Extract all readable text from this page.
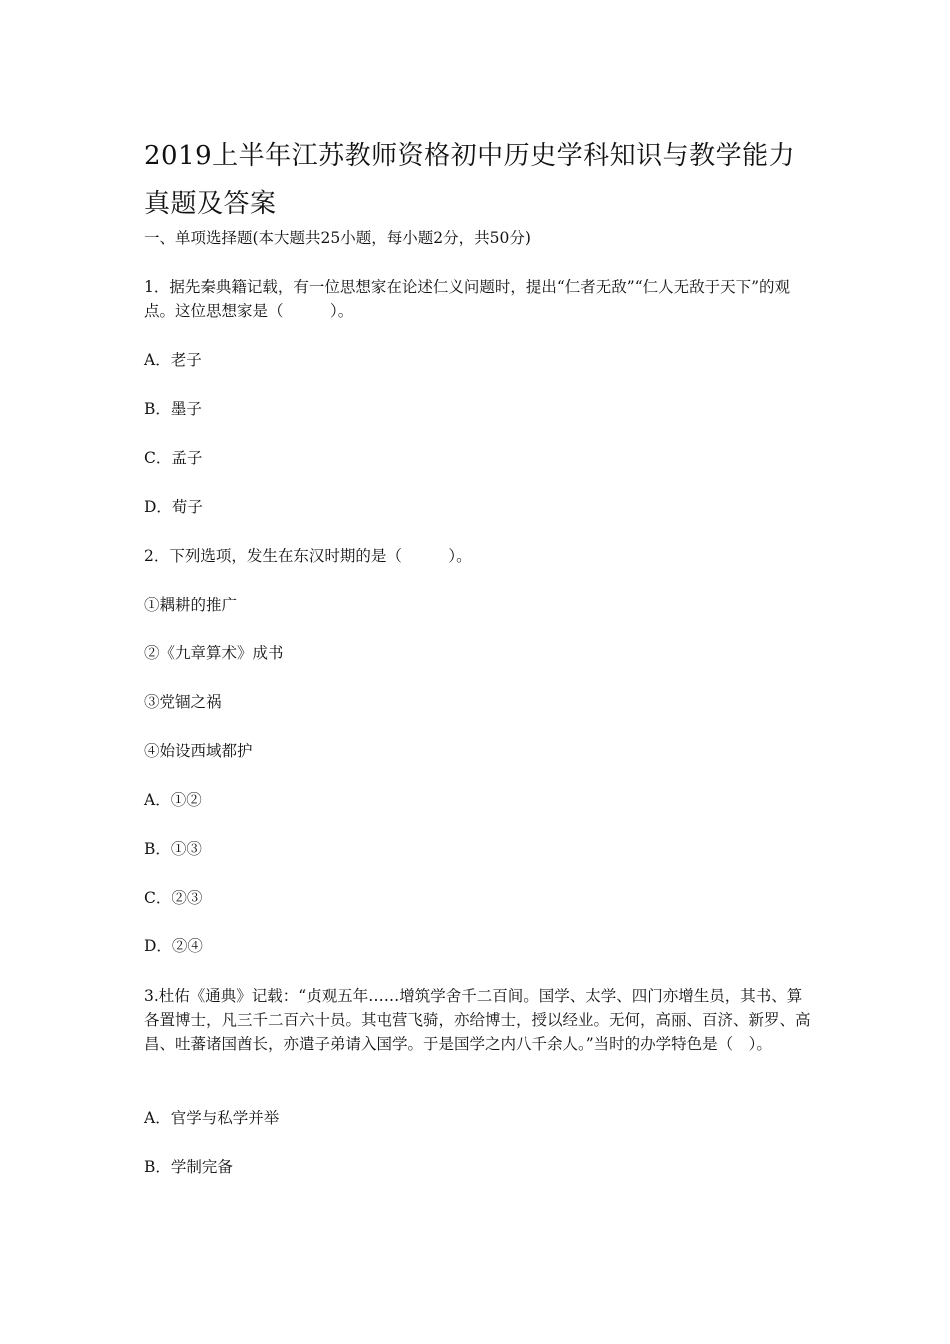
2019上半年江苏教师资格初中历史学科知识与教学能力真题及答案
一、单项选择题(本大题共25小题，每小题2分，共50分)
1．据先秦典籍记载，有一位思想家在论述仁义问题时，提出“仁者无敌”“仁人无敌于天下”的观点。这位思想家是（　　　）。
A．老子
B．墨子
C．孟子
D．荀子
2．下列选项，发生在东汉时期的是（　　　）。
①耦耕的推广
②《九章算术》成书
③党锢之祸
④始设西域都护
A．①②
B．①③
C．②③
D．②④
3.杜佑《通典》记载：“贞观五年……增筑学舍千二百间。国学、太学、四门亦增生员，其书、算各置博士，凡三千二百六十员。其屯营飞骑，亦给博士，授以经业。无何，高丽、百济、新罗、高昌、吐蕃诸国酋长，亦遣子弟请入国学。于是国学之内八千余人。”当时的办学特色是（　）。
A．官学与私学并举
B．学制完备
